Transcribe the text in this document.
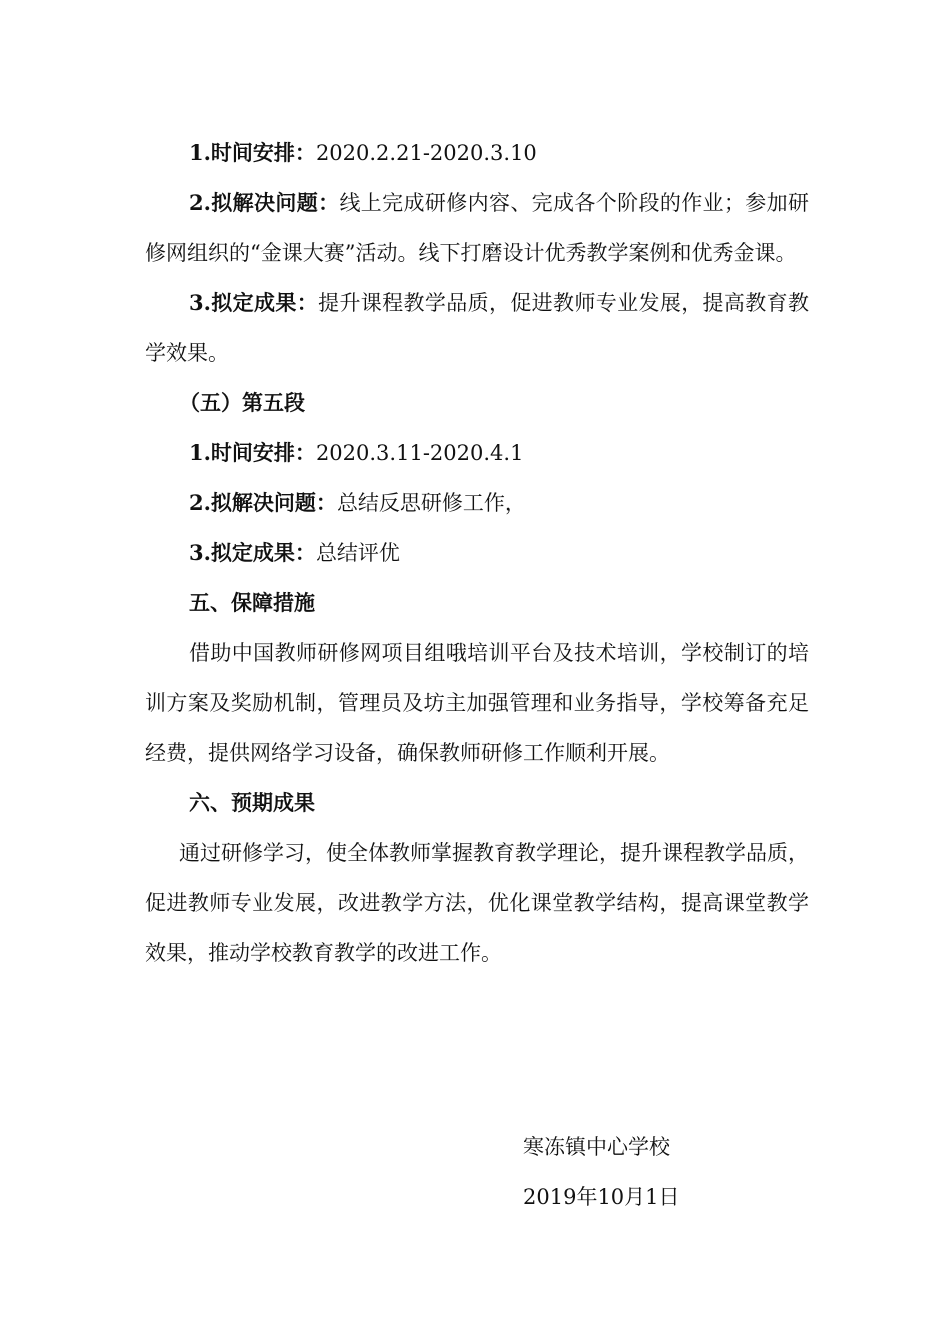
1.时间安排：2020.2.21-2020.3.10
2.拟解决问题：线上完成研修内容、完成各个阶段的作业；参加研修网组织的“金课大赛”活动。线下打磨设计优秀教学案例和优秀金课。
3.拟定成果：提升课程教学品质，促进教师专业发展，提高教育教学效果。
（五）第五段
1.时间安排：2020.3.11-2020.4.1
2.拟解决问题：总结反思研修工作，
3.拟定成果：总结评优
五、保障措施
借助中国教师研修网项目组哦培训平台及技术培训，学校制订的培训方案及奖励机制，管理员及坊主加强管理和业务指导，学校筹备充足经费，提供网络学习设备，确保教师研修工作顺利开展。
六、预期成果
通过研修学习，使全体教师掌握教育教学理论，提升课程教学品质，促进教师专业发展，改进教学方法，优化课堂教学结构，提高课堂教学效果，推动学校教育教学的改进工作。
寒冻镇中心学校
2019年10月1日
